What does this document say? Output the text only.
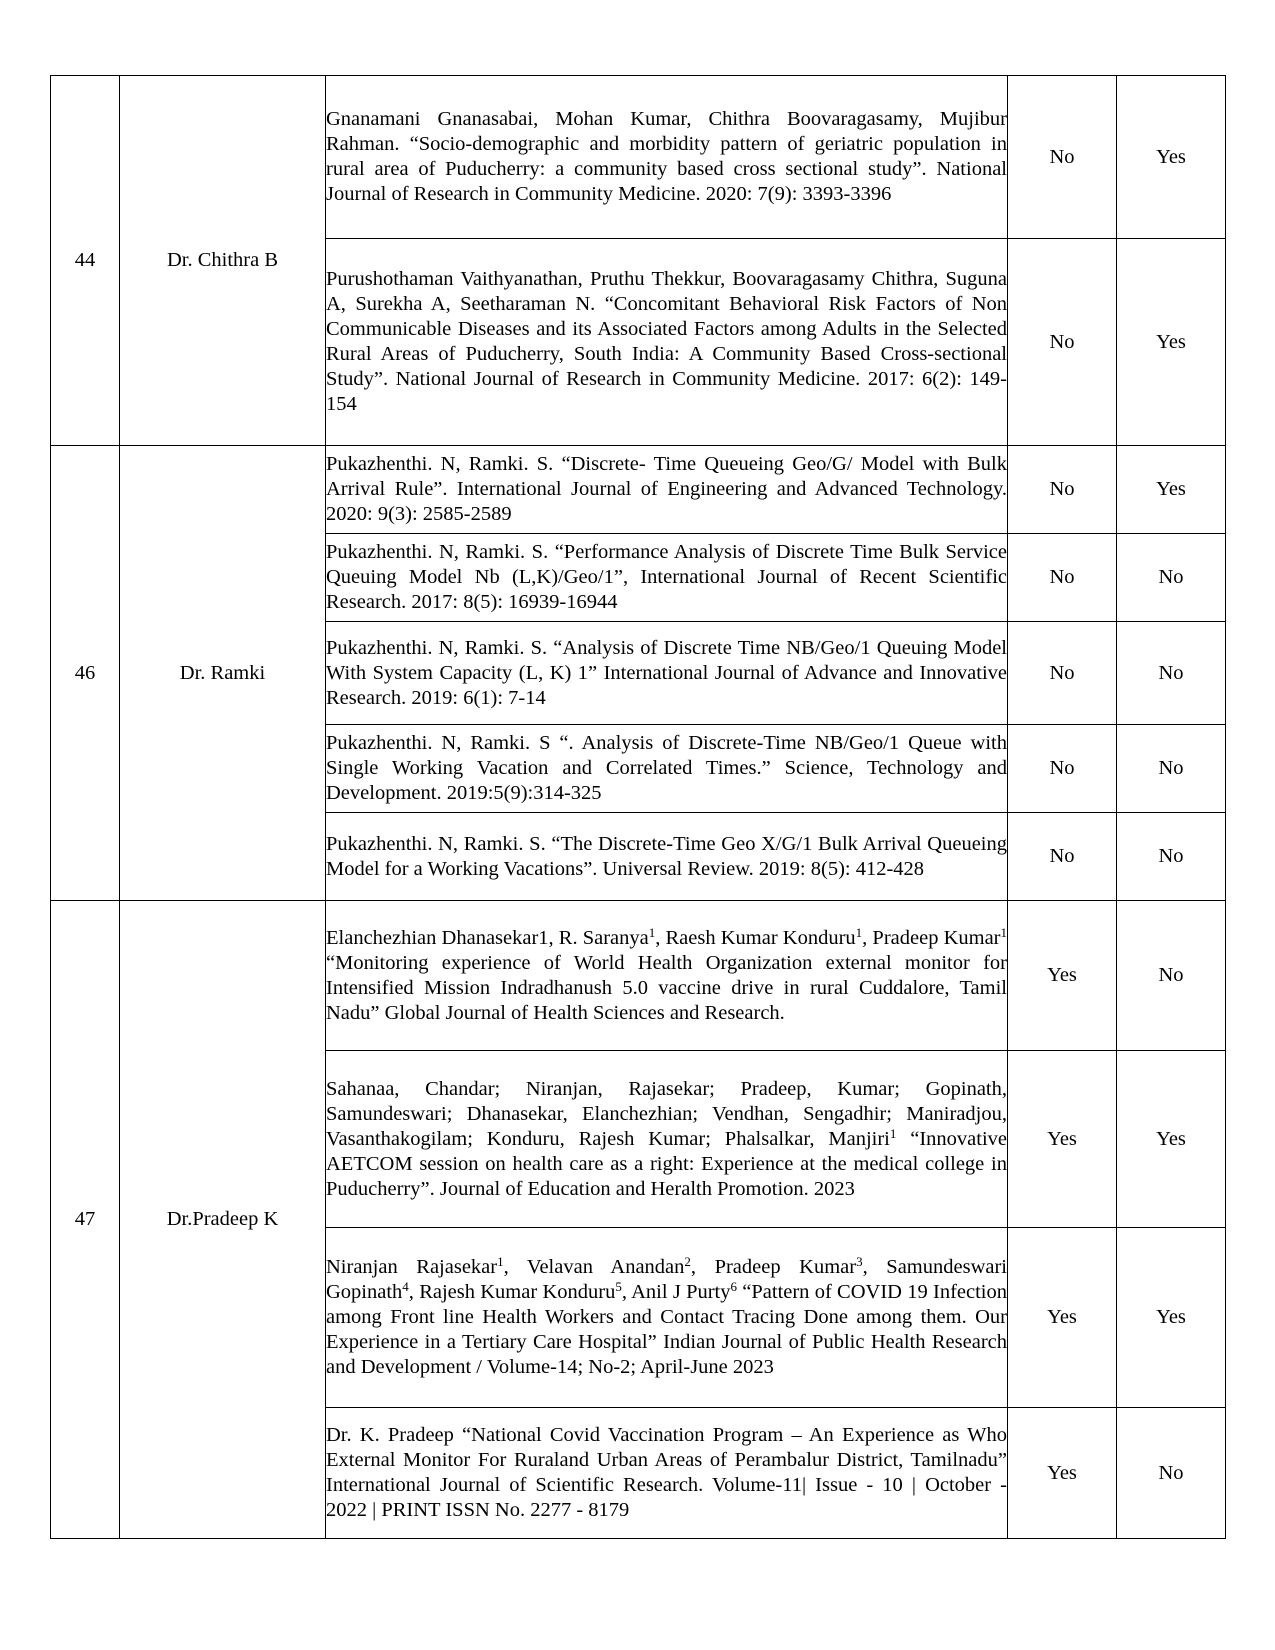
44	Dr. Chithra B	Gnanamani Gnanasabai, Mohan Kumar, Chithra Boovaragasamy, Mujibur Rahman. “Socio-demographic and morbidity pattern of geriatric population in rural area of Puducherry: a community based cross sectional study”. National Journal of Research in Community Medicine. 2020: 7(9): 3393-3396	No	Yes
		Purushothaman Vaithyanathan, Pruthu Thekkur, Boovaragasamy Chithra, Suguna A, Surekha A, Seetharaman N. “Concomitant Behavioral Risk Factors of Non Communicable Diseases and its Associated Factors among Adults in the Selected Rural Areas of Puducherry, South India: A Community Based Cross-sectional Study”. National Journal of Research in Community Medicine. 2017: 6(2): 149-154	No	Yes
46	Dr. Ramki	Pukazhenthi. N, Ramki. S. “Discrete- Time Queueing Geo/G/ Model with Bulk Arrival Rule”. International Journal of Engineering and Advanced Technology. 2020: 9(3): 2585-2589	No	Yes
		Pukazhenthi. N, Ramki. S. “Performance Analysis of Discrete Time Bulk Service Queuing Model Nb (L,K)/Geo/1”, International Journal of Recent Scientific Research. 2017: 8(5): 16939-16944	No	No
		Pukazhenthi. N, Ramki. S. “Analysis of Discrete Time NB/Geo/1 Queuing Model With System Capacity (L, K) 1” International Journal of Advance and Innovative Research. 2019: 6(1): 7-14	No	No
		Pukazhenthi. N, Ramki. S “. Analysis of Discrete-Time NB/Geo/1 Queue with Single Working Vacation and Correlated Times.” Science, Technology and Development. 2019:5(9):314-325	No	No
		Pukazhenthi. N, Ramki. S. “The Discrete-Time Geo X/G/1 Bulk Arrival Queueing Model for a Working Vacations”. Universal Review. 2019: 8(5): 412-428	No	No
47	Dr.Pradeep K	Elanchezhian Dhanasekar1, R. Saranya$^1$, Raesh Kumar Konduru$^1$, Pradeep Kumar$^1$ “Monitoring experience of World Health Organization external monitor for Intensified Mission Indradhanush 5.0 vaccine drive in rural Cuddalore, Tamil Nadu” Global Journal of Health Sciences and Research.	Yes	No
		Sahanaa, Chandar; Niranjan, Rajasekar; Pradeep, Kumar; Gopinath, Samundeswari; Dhanasekar, Elanchezhian; Vendhan, Sengadhir; Maniradjou, Vasanthakogilam; Konduru, Rajesh Kumar; Phalsalkar, Manjiri$^1$ “Innovative AETCOM session on health care as a right: Experience at the medical college in Puducherry”. Journal of Education and Heralth Promotion. 2023	Yes	Yes
		Niranjan Rajasekar$^1$, Velavan Anandan$^2$, Pradeep Kumar$^3$, Samundeswari Gopinath$^4$, Rajesh Kumar Konduru$^5$, Anil J Purty$^6$ “Pattern of COVID 19 Infection among Front line Health Workers and Contact Tracing Done among them. Our Experience in a Tertiary Care Hospital” Indian Journal of Public Health Research and Development / Volume-14; No-2; April-June 2023	Yes	Yes
		Dr. K. Pradeep “National Covid Vaccination Program – An Experience as Who External Monitor For Ruraland Urban Areas of Perambalur District, Tamilnadu” International Journal of Scientific Research. Volume-11| Issue - 10 | October - 2022 | PRINT ISSN No. 2277 - 8179	Yes	No
